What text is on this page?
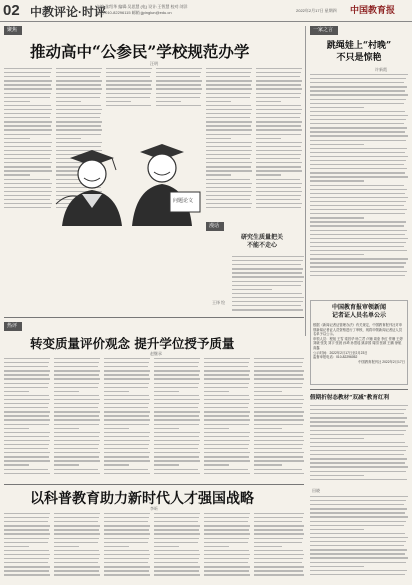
02 中教评论·时评
主编:张绍华 编辑:吴思慧 (电) 设计:王智慧 校对:刘洋
电话:010-82296115 邮箱:jjpinglun@edu.cn	2022年2月17日 星期四 中国教育报
聚焦
推动高中“公参民”学校规范办学
汪明
问题论文
漫话
研究生质量把关
不能不走心
王铎 绘
热评
转变质量评价观念 提升学位授予质量
赵继承
以科普教育助力新时代人才强国战略
李昕
一家之言
跳绳娃上“村晚”
不只是惊艳
许新霞
中国教育报审领新闻
记者证人员名单公示
根据《新闻记者证管理办法》有关规定，中国教育报刊社对申领新闻记者证人员资格进行了审核，现将申领新闻记者证人员名单予以公示。
申领人员：程旭 王雪 梁昌华 杨兰君 卢姗 周奎 李红 佟珊 王婷 刘晓 张笑 刘宇 张晨 孙琦 孙思瑶 姚泽园 周园 张颖 王鹏 徐航 高鑫
公示时间：2022年2月17日至2月23日
监督举报电话：010-82296052
中国教育报刊社 2022年2月17日
假期折射态教材“双减”教育红利
田晓
